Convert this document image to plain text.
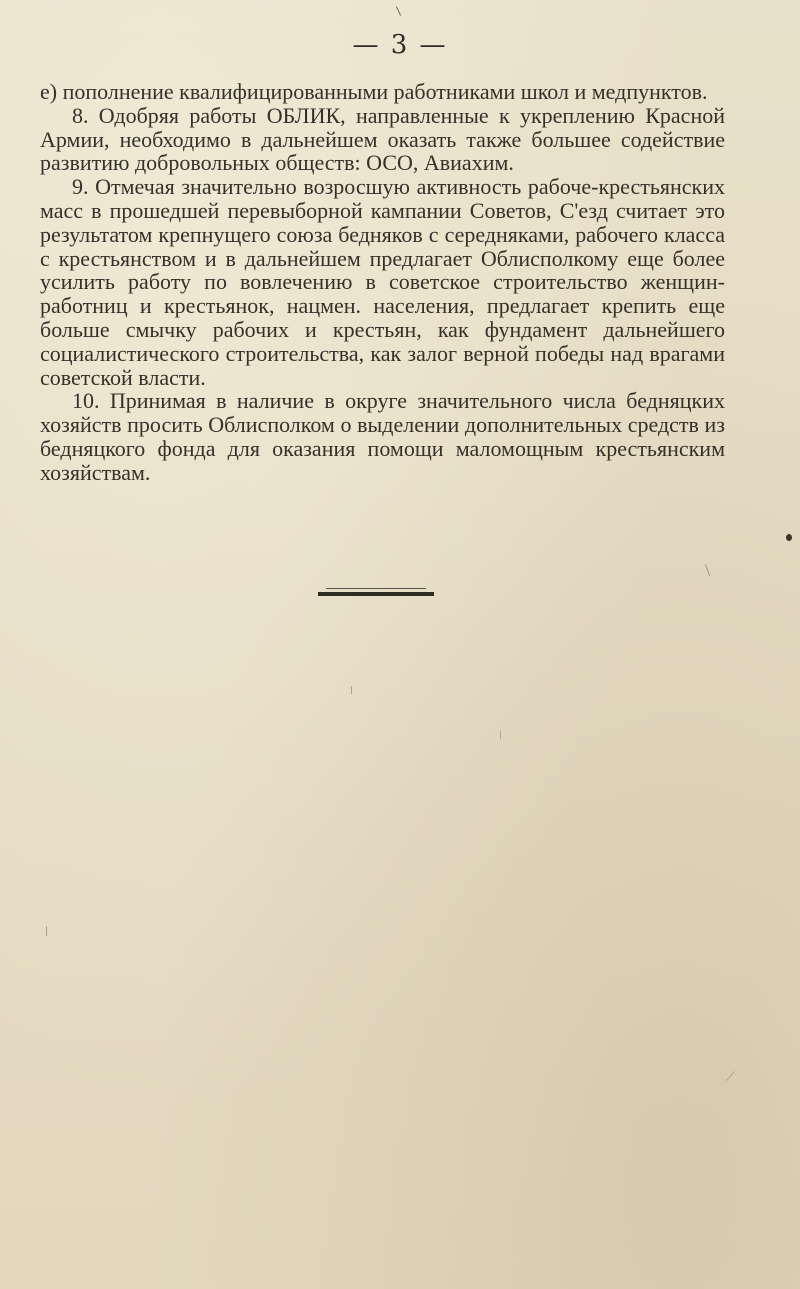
— 3 —

е) пополнение квалифицированными работниками школ и медпунктов.

8. Одобряя работы ОБЛИК, направленные к укреплению Красной Армии, необходимо в дальнейшем оказать также большее содействие развитию добровольных обществ: ОСО, Авиахим.

9. Отмечая значительно возросшую активность рабоче-крестьянских масс в прошедшей перевыборной кампании Советов, С'езд считает это результатом крепнущего союза бедняков с середняками, рабочего класса с крестьянством и в дальнейшем предлагает Облисполкому еще более усилить работу по вовлечению в советское строительство женщин-работниц и крестьянок, нацмен. населения, предлагает крепить еще больше смычку рабочих и крестьян, как фундамент дальнейшего социалистического строительства, как залог верной победы над врагами советской власти.

10. Принимая в наличие в округе значительного числа бедняцких хозяйств просить Облисполком о выделении дополнительных средств из бедняцкого фонда для оказания помощи маломощным крестьянским хозяйствам.
